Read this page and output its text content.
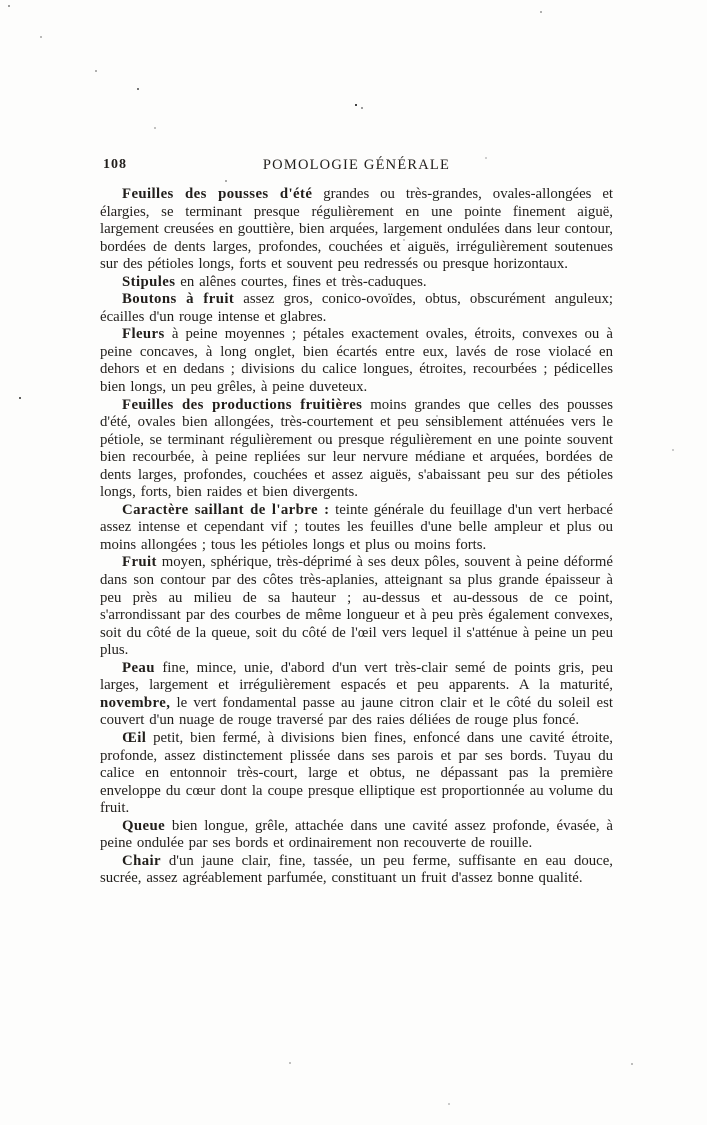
108	POMOLOGIE GÉNÉRALE

Feuilles des pousses d'été grandes ou très-grandes, ovales-allongées et élargies, se terminant presque régulièrement en une pointe finement aiguë, largement creusées en gouttière, bien arquées, largement ondulées dans leur contour, bordées de dents larges, profondes, couchées et aiguës, irrégulièrement soutenues sur des pétioles longs, forts et souvent peu redressés ou presque horizontaux.

Stipules en alênes courtes, fines et très-caduques.

Boutons à fruit assez gros, conico-ovoïdes, obtus, obscurément anguleux; écailles d'un rouge intense et glabres.

Fleurs à peine moyennes ; pétales exactement ovales, étroits, convexes ou à peine concaves, à long onglet, bien écartés entre eux, lavés de rose violacé en dehors et en dedans ; divisions du calice longues, étroites, recourbées ; pédicelles bien longs, un peu grêles, à peine duveteux.

Feuilles des productions fruitières moins grandes que celles des pousses d'été, ovales bien allongées, très-courtement et peu sensiblement atténuées vers le pétiole, se terminant régulièrement ou presque régulièrement en une pointe souvent bien recourbée, à peine repliées sur leur nervure médiane et arquées, bordées de dents larges, profondes, couchées et assez aiguës, s'abaissant peu sur des pétioles longs, forts, bien raides et bien divergents.

Caractère saillant de l'arbre : teinte générale du feuillage d'un vert herbacé assez intense et cependant vif ; toutes les feuilles d'une belle ampleur et plus ou moins allongées ; tous les pétioles longs et plus ou moins forts.

Fruit moyen, sphérique, très-déprimé à ses deux pôles, souvent à peine déformé dans son contour par des côtes très-aplanies, atteignant sa plus grande épaisseur à peu près au milieu de sa hauteur ; au-dessus et au-dessous de ce point, s'arrondissant par des courbes de même longueur et à peu près également convexes, soit du côté de la queue, soit du côté de l'œil vers lequel il s'atténue à peine un peu plus.

Peau fine, mince, unie, d'abord d'un vert très-clair semé de points gris, peu larges, largement et irrégulièrement espacés et peu apparents. A la maturité, novembre, le vert fondamental passe au jaune citron clair et le côté du soleil est couvert d'un nuage de rouge traversé par des raies déliées de rouge plus foncé.

Œil petit, bien fermé, à divisions bien fines, enfoncé dans une cavité étroite, profonde, assez distinctement plissée dans ses parois et par ses bords. Tuyau du calice en entonnoir très-court, large et obtus, ne dépassant pas la première enveloppe du cœur dont la coupe presque elliptique est proportionnée au volume du fruit.

Queue bien longue, grêle, attachée dans une cavité assez profonde, évasée, à peine ondulée par ses bords et ordinairement non recouverte de rouille.

Chair d'un jaune clair, fine, tassée, un peu ferme, suffisante en eau douce, sucrée, assez agréablement parfumée, constituant un fruit d'assez bonne qualité.
